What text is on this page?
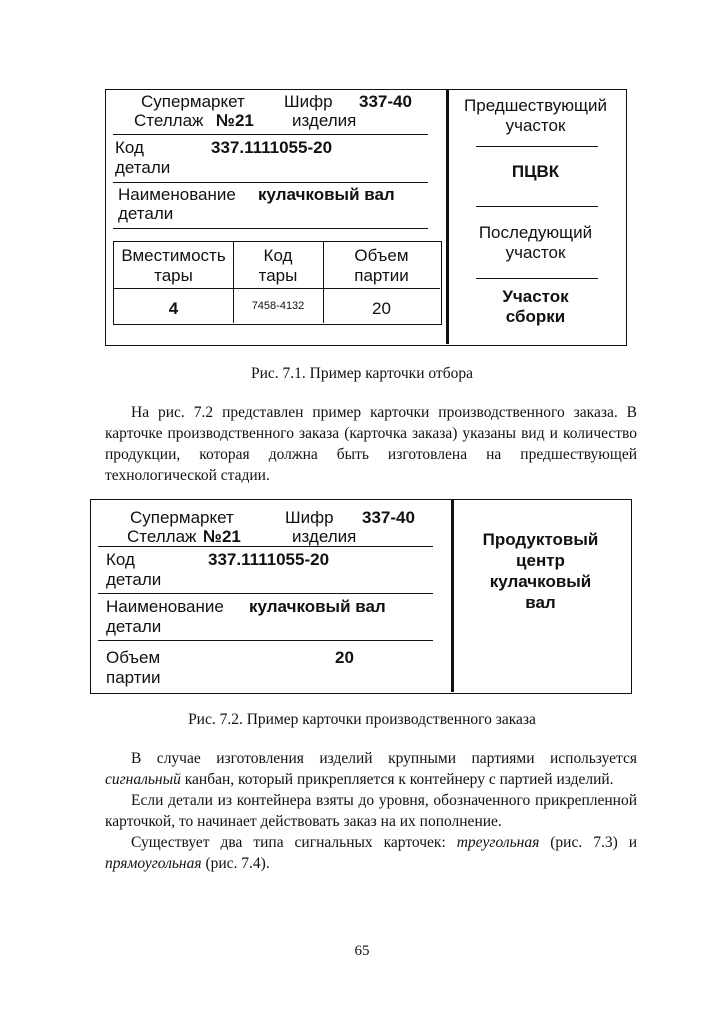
Супермаркет
Стеллаж №21
Шифр 337-40
изделия
Код
детали
337.1111055-20
Наименование кулачковый вал
детали
Вместимость
тары
Код
тары
Объем
партии
4	7458-4132	20
Предшествующий
участок
ПЦВК
Последующий
участок
Участок
сборки
Рис. 7.1. Пример карточки отбора

На рис. 7.2 представлен пример карточки производственного заказа. В карточке производственного заказа (карточка заказа) указаны вид и количество продукции, которая должна быть изготовлена на предшествующей технологической стадии.

Супермаркет
Стеллаж №21
Шифр 337-40
изделия
Код
детали
337.1111055-20
Наименование кулачковый вал
детали
Объем
партии
20
Продуктовый
центр
кулачковый
вал
Рис. 7.2. Пример карточки производственного заказа

В случае изготовления изделий крупными партиями используется сигнальный канбан, который прикрепляется к контейнеру с партией изделий.

Если детали из контейнера взяты до уровня, обозначенного прикрепленной карточкой, то начинает действовать заказ на их пополнение.

Существует два типа сигнальных карточек: треугольная (рис. 7.3) и прямоугольная (рис. 7.4).

65
